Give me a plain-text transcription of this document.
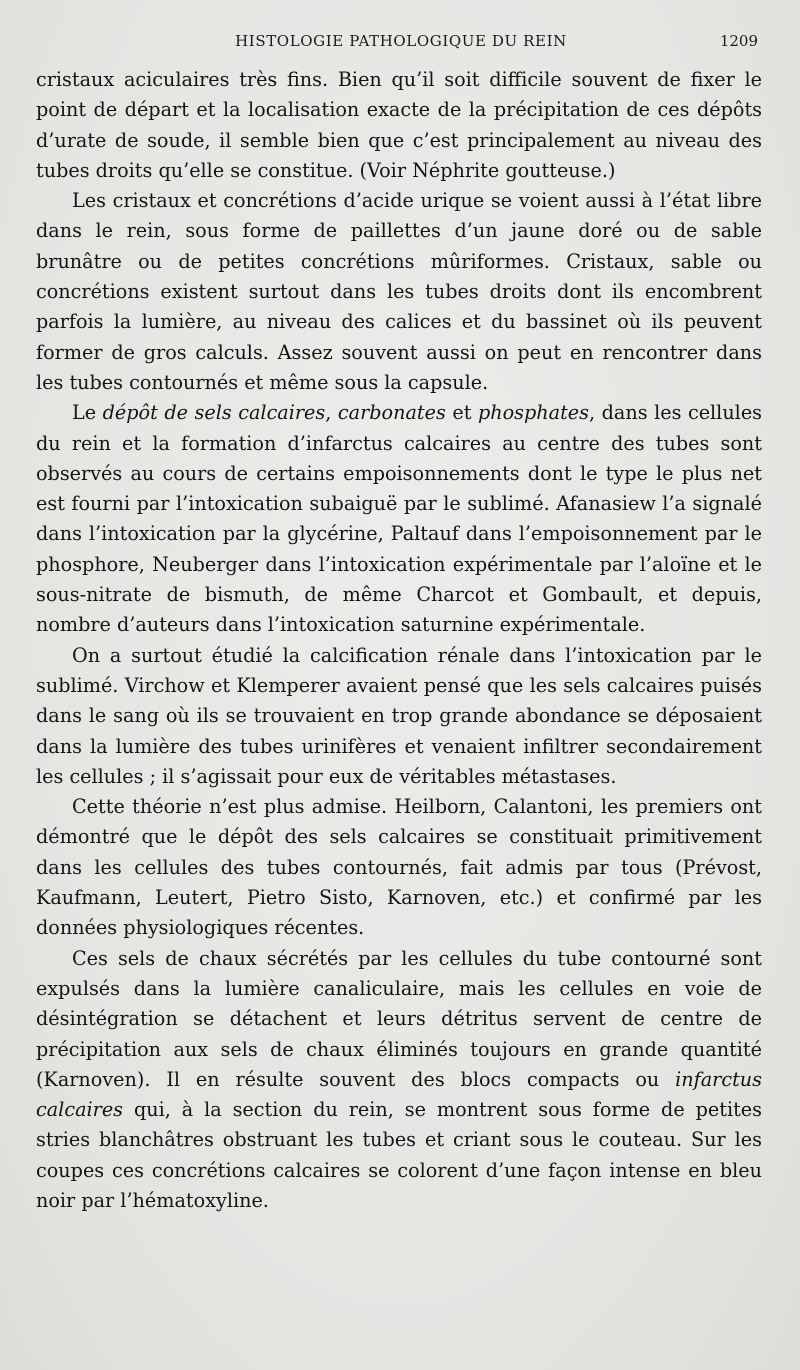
HISTOLOGIE PATHOLOGIQUE DU REIN	1209

cristaux aciculaires très fins. Bien qu’il soit difficile souvent de fixer le point de départ et la localisation exacte de la précipitation de ces dépôts d’urate de soude, il semble bien que c’est principalement au niveau des tubes droits qu’elle se constitue. (Voir Néphrite goutteuse.)

Les cristaux et concrétions d’acide urique se voient aussi à l’état libre dans le rein, sous forme de paillettes d’un jaune doré ou de sable brunâtre ou de petites concrétions mûriformes. Cristaux, sable ou concrétions existent surtout dans les tubes droits dont ils encombrent parfois la lumière, au niveau des calices et du bassinet où ils peuvent former de gros calculs. Assez souvent aussi on peut en rencontrer dans les tubes contournés et même sous la capsule.

Le dépôt de sels calcaires, carbonates et phosphates, dans les cellules du rein et la formation d’infarctus calcaires au centre des tubes sont observés au cours de certains empoisonnements dont le type le plus net est fourni par l’intoxication subaiguë par le sublimé. Afanasiew l’a signalé dans l’intoxication par la glycérine, Paltauf dans l’empoisonnement par le phosphore, Neuberger dans l’intoxication expérimentale par l’aloïne et le sous-nitrate de bismuth, de même Charcot et Gombault, et depuis, nombre d’auteurs dans l’intoxication saturnine expérimentale.

On a surtout étudié la calcification rénale dans l’intoxication par le sublimé. Virchow et Klemperer avaient pensé que les sels calcaires puisés dans le sang où ils se trouvaient en trop grande abondance se déposaient dans la lumière des tubes urinifères et venaient infiltrer secondairement les cellules ; il s’agissait pour eux de véritables métastases.

Cette théorie n’est plus admise. Heilborn, Calantoni, les premiers ont démontré que le dépôt des sels calcaires se constituait primitivement dans les cellules des tubes contournés, fait admis par tous (Prévost, Kaufmann, Leutert, Pietro Sisto, Karnoven, etc.) et confirmé par les données physiologiques récentes.

Ces sels de chaux sécrétés par les cellules du tube contourné sont expulsés dans la lumière canaliculaire, mais les cellules en voie de désintégration se détachent et leurs détritus servent de centre de précipitation aux sels de chaux éliminés toujours en grande quantité (Karnoven). Il en résulte souvent des blocs compacts ou infarctus calcaires qui, à la section du rein, se montrent sous forme de petites stries blanchâtres obstruant les tubes et criant sous le couteau. Sur les coupes ces concrétions calcaires se colorent d’une façon intense en bleu noir par l’hématoxyline.
